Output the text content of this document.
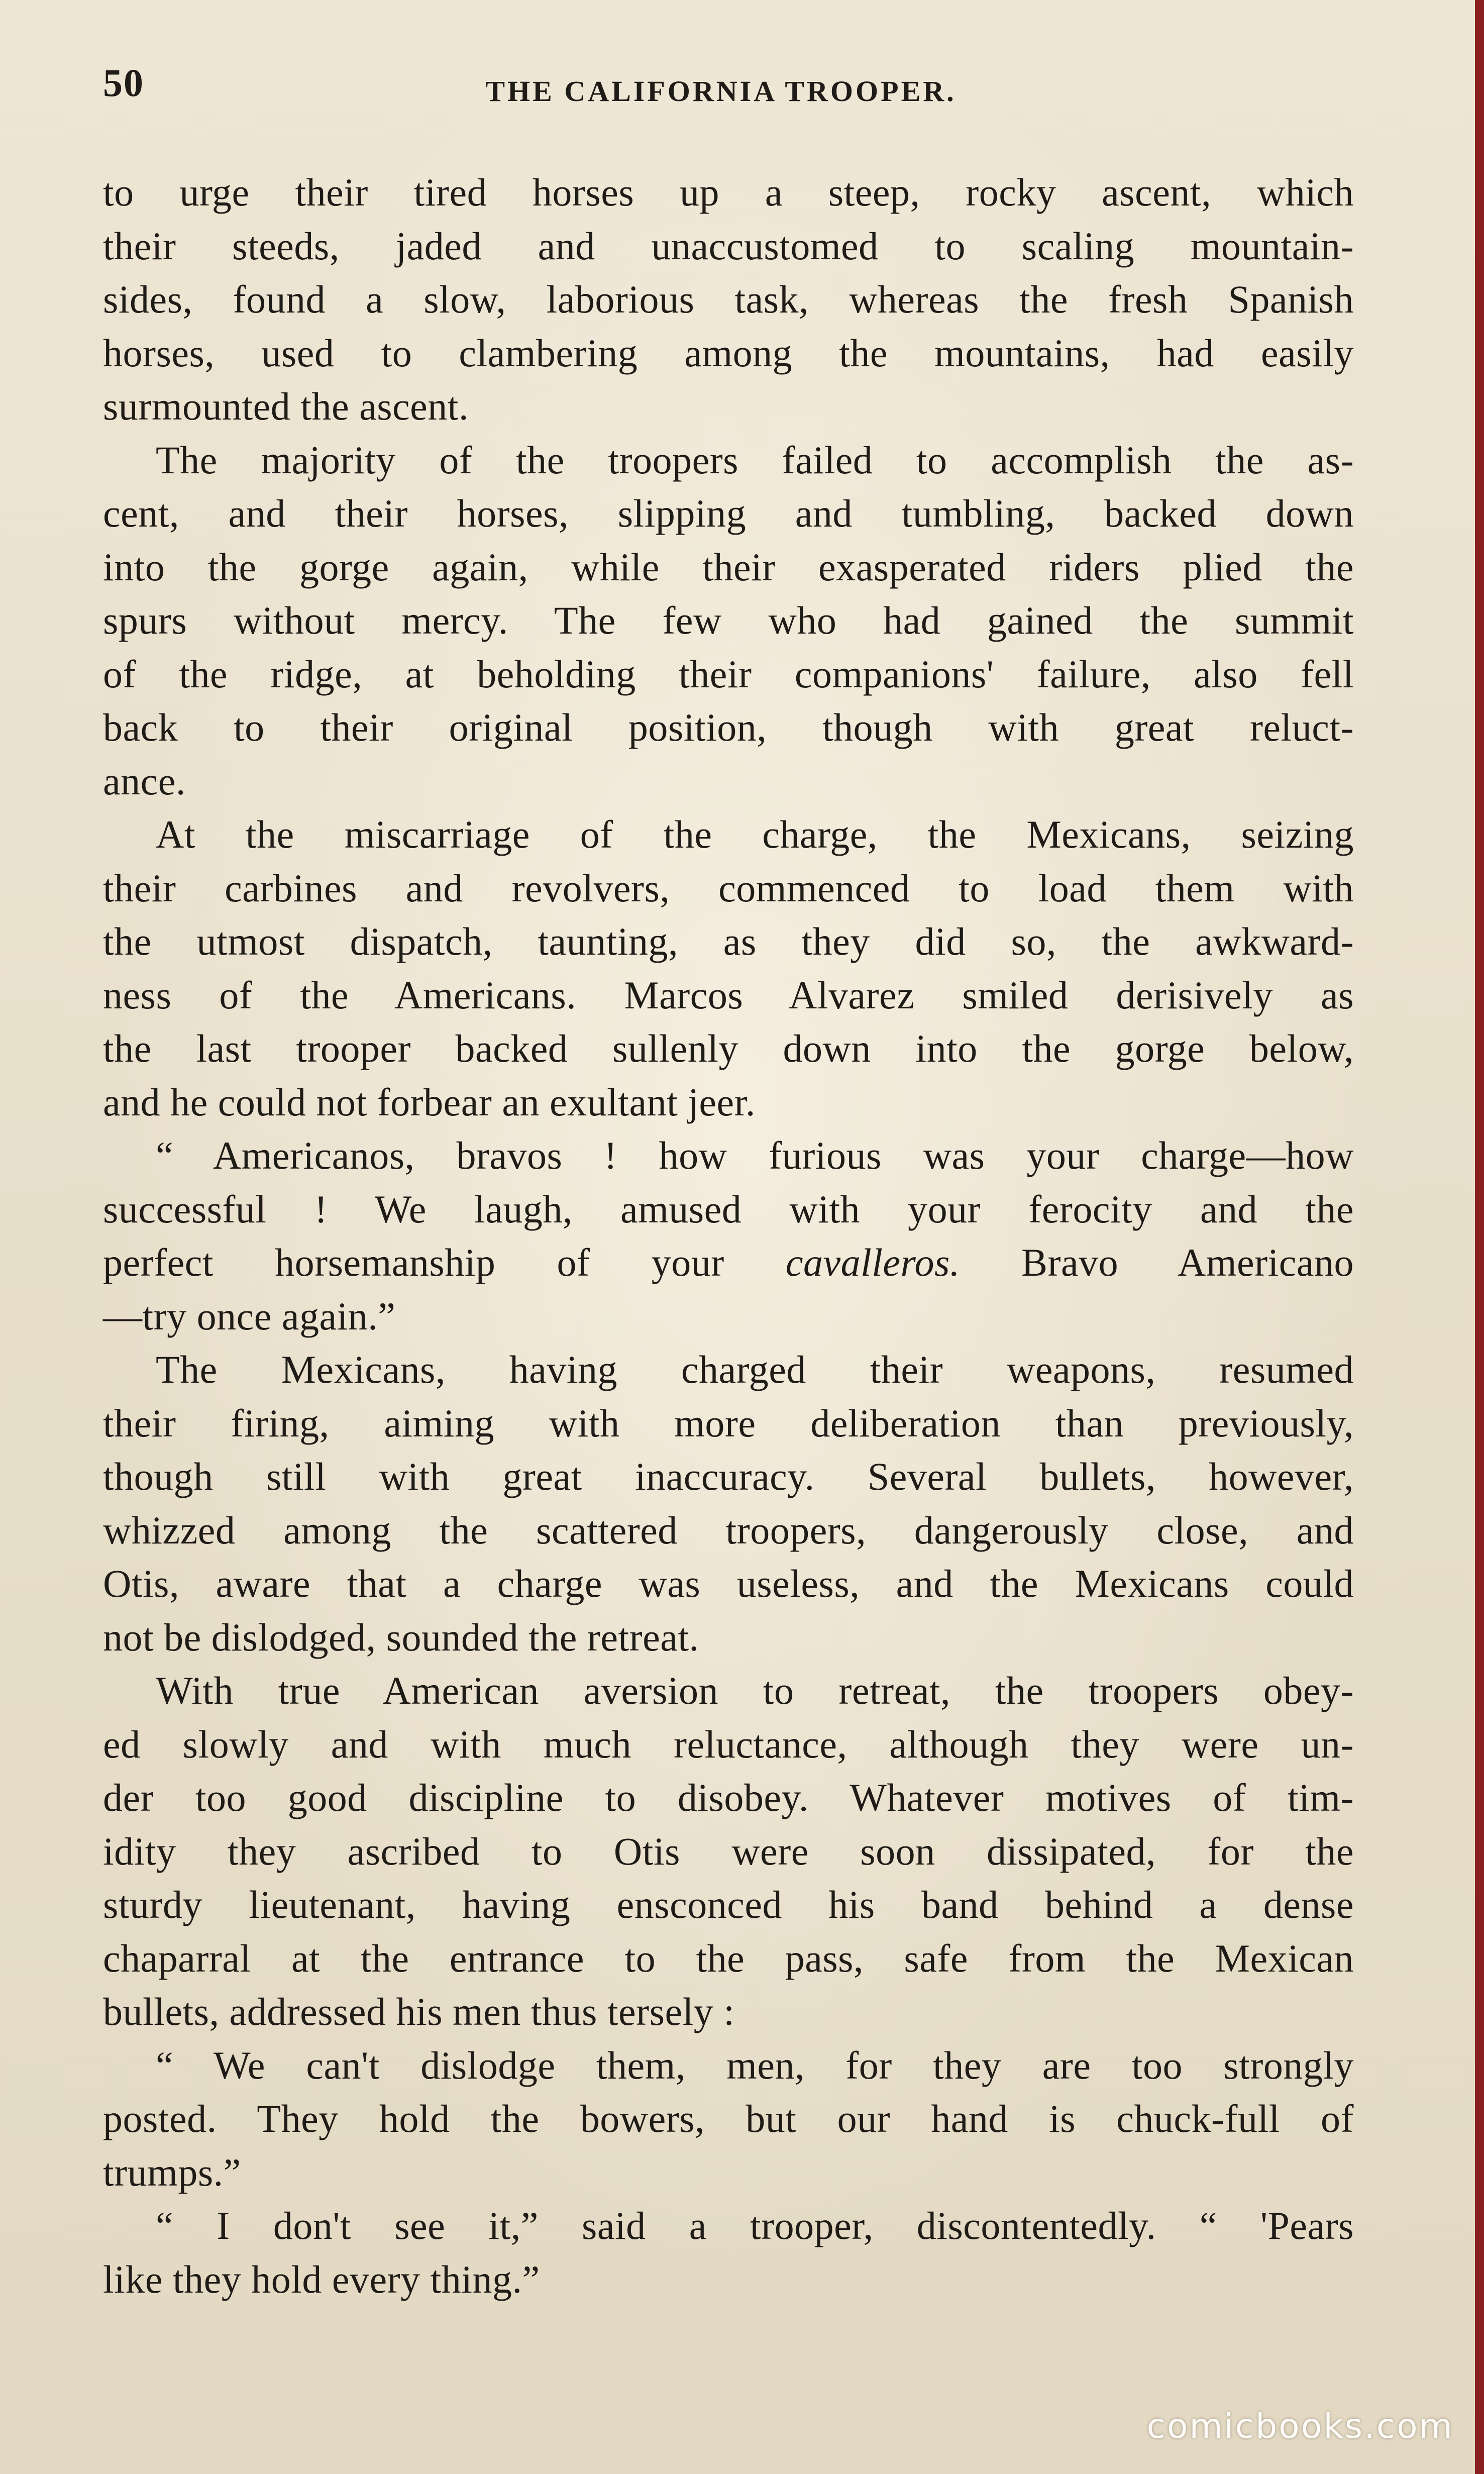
50	THE CALIFORNIA TROOPER.
to urge their tired horses up a steep, rocky ascent, which
their steeds, jaded and unaccustomed to scaling mountain-
sides, found a slow, laborious task, whereas the fresh Spanish
horses, used to clambering among the mountains, had easily
surmounted the ascent.
The majority of the troopers failed to accomplish the as-
cent, and their horses, slipping and tumbling, backed down
into the gorge again, while their exasperated riders plied the
spurs without mercy. The few who had gained the summit
of the ridge, at beholding their companions' failure, also fell
back to their original position, though with great reluct-
ance.
At the miscarriage of the charge, the Mexicans, seizing
their carbines and revolvers, commenced to load them with
the utmost dispatch, taunting, as they did so, the awkward-
ness of the Americans. Marcos Alvarez smiled derisively as
the last trooper backed sullenly down into the gorge below,
and he could not forbear an exultant jeer.
“ Americanos, bravos ! how furious was your charge—how
successful ! We laugh, amused with your ferocity and the
perfect horsemanship of your cavalleros. Bravo Americano
—try once again.”
The Mexicans, having charged their weapons, resumed
their firing, aiming with more deliberation than previously,
though still with great inaccuracy. Several bullets, however,
whizzed among the scattered troopers, dangerously close, and
Otis, aware that a charge was useless, and the Mexicans could
not be dislodged, sounded the retreat.
With true American aversion to retreat, the troopers obey-
ed slowly and with much reluctance, although they were un-
der too good discipline to disobey. Whatever motives of tim-
idity they ascribed to Otis were soon dissipated, for the
sturdy lieutenant, having ensconced his band behind a dense
chaparral at the entrance to the pass, safe from the Mexican
bullets, addressed his men thus tersely :
“ We can't dislodge them, men, for they are too strongly
posted. They hold the bowers, but our hand is chuck-full of
trumps.”
“ I don't see it,” said a trooper, discontentedly. “ 'Pears
like they hold every thing.”
comicbooks.com
